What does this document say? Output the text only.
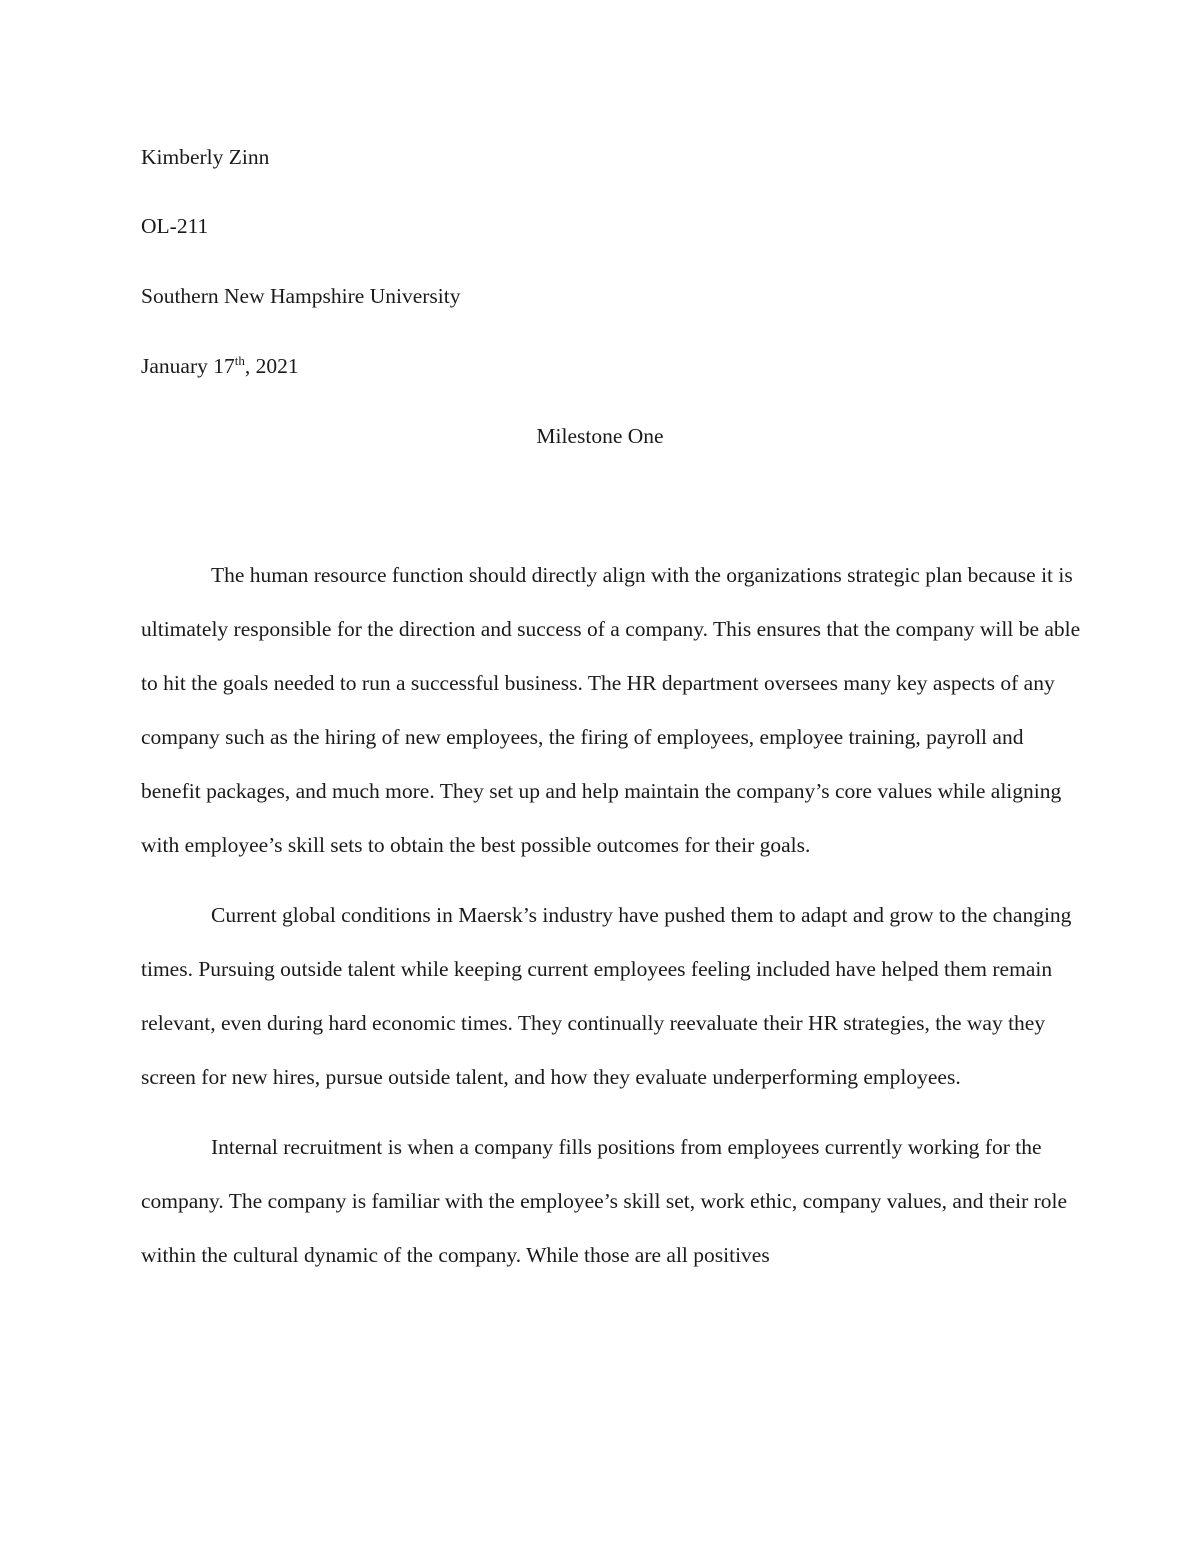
Kimberly Zinn
OL-211
Southern New Hampshire University
January 17th, 2021
Milestone One

The human resource function should directly align with the organizations strategic plan because it is ultimately responsible for the direction and success of a company. This ensures that the company will be able to hit the goals needed to run a successful business. The HR department oversees many key aspects of any company such as the hiring of new employees, the firing of employees, employee training, payroll and benefit packages, and much more. They set up and help maintain the company’s core values while aligning with employee’s skill sets to obtain the best possible outcomes for their goals.

Current global conditions in Maersk’s industry have pushed them to adapt and grow to the changing times. Pursuing outside talent while keeping current employees feeling included have helped them remain relevant, even during hard economic times. They continually reevaluate their HR strategies, the way they screen for new hires, pursue outside talent, and how they evaluate underperforming employees.

Internal recruitment is when a company fills positions from employees currently working for the company. The company is familiar with the employee’s skill set, work ethic, company values, and their role within the cultural dynamic of the company. While those are all positives
